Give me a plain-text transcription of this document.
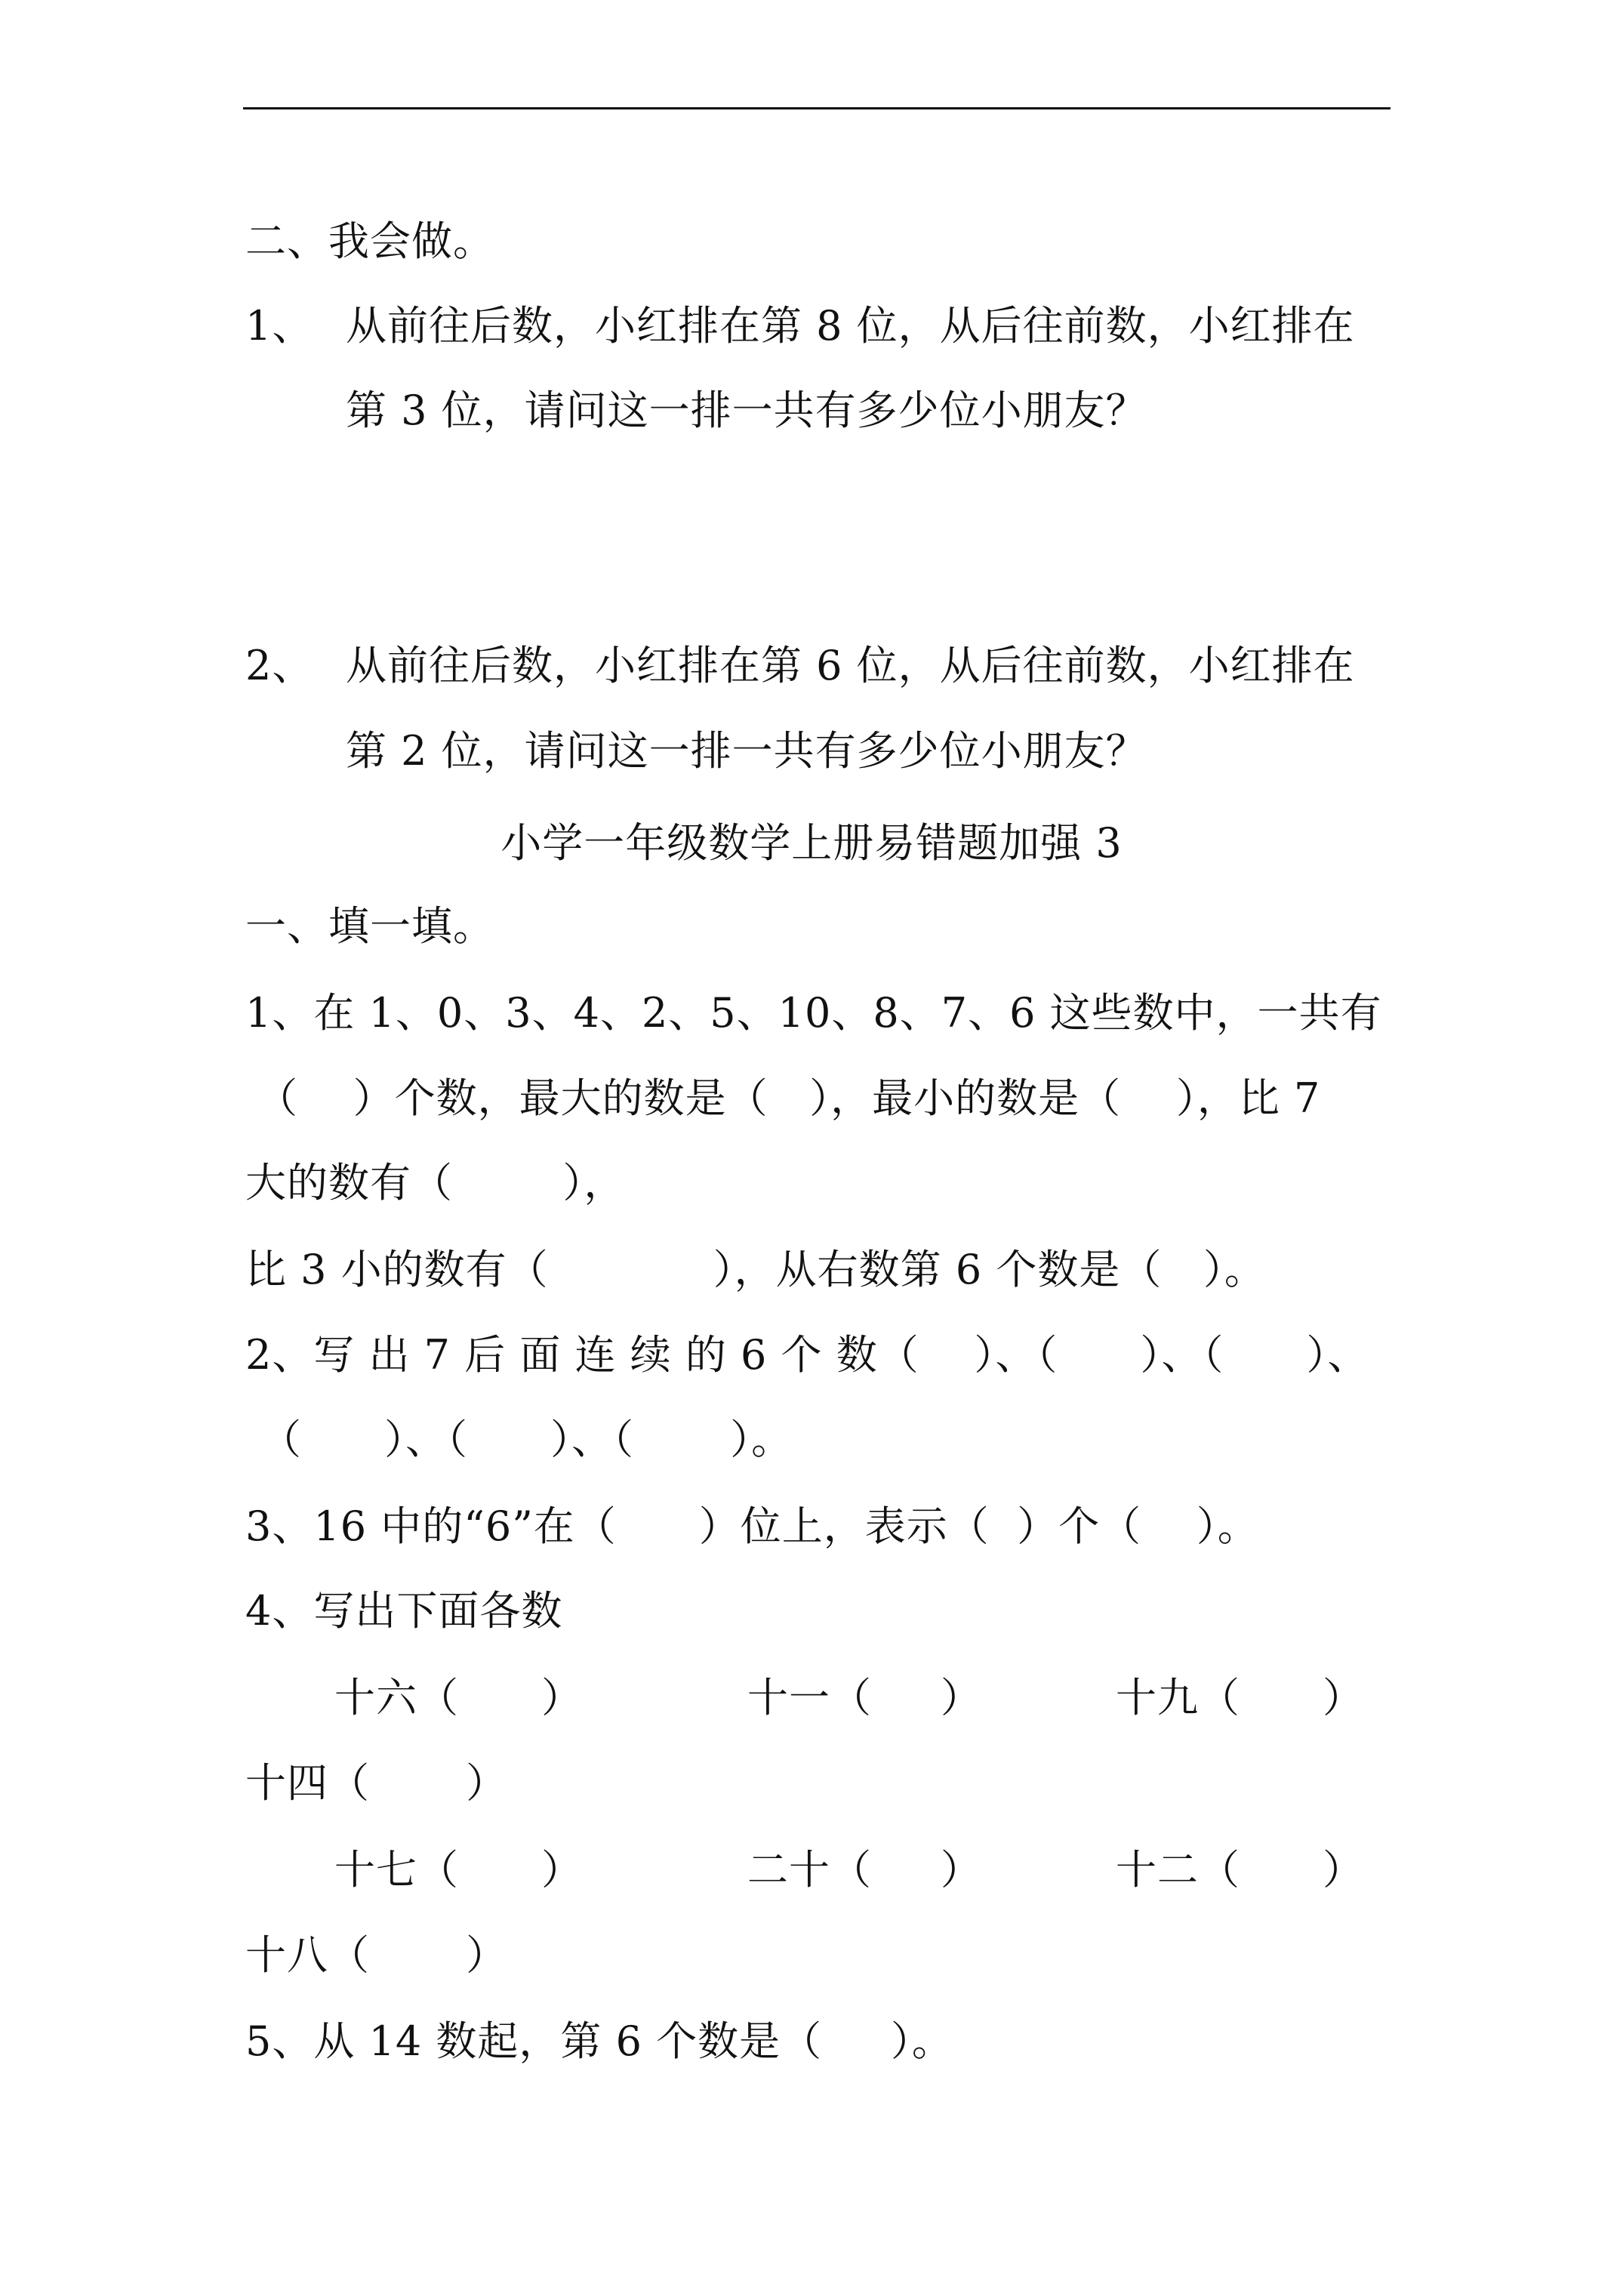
二、我会做。
1、 从前往后数，小红排在第 8 位，从后往前数，小红排在
第 3 位，请问这一排一共有多少位小朋友？
2、 从前往后数，小红排在第 6 位，从后往前数，小红排在
第 2 位，请问这一排一共有多少位小朋友？
小学一年级数学上册易错题加强 3
一、填一填。
1、在 1、0、3、4、2、5、10、8、7、6 这些数中，一共有
（    ）个数，最大的数是（   ），最小的数是（    ），比 7
大的数有（        ），
比 3 小的数有（            ），从右数第 6 个数是（   ）。
2、写 出 7 后 面 连 续 的 6 个 数（    ）、（      ）、（      ）、
（      ）、（      ）、（       ）。
3、16 中的“6”在（      ）位上，表示（  ）个（    ）。
4、写出下面各数
十六（      ）	十一（     ）	十九（      ）
十四（       ）
十七（      ）	二十（     ）	十二（      ）
十八（       ）
5、从 14 数起，第 6 个数是（     ）。
